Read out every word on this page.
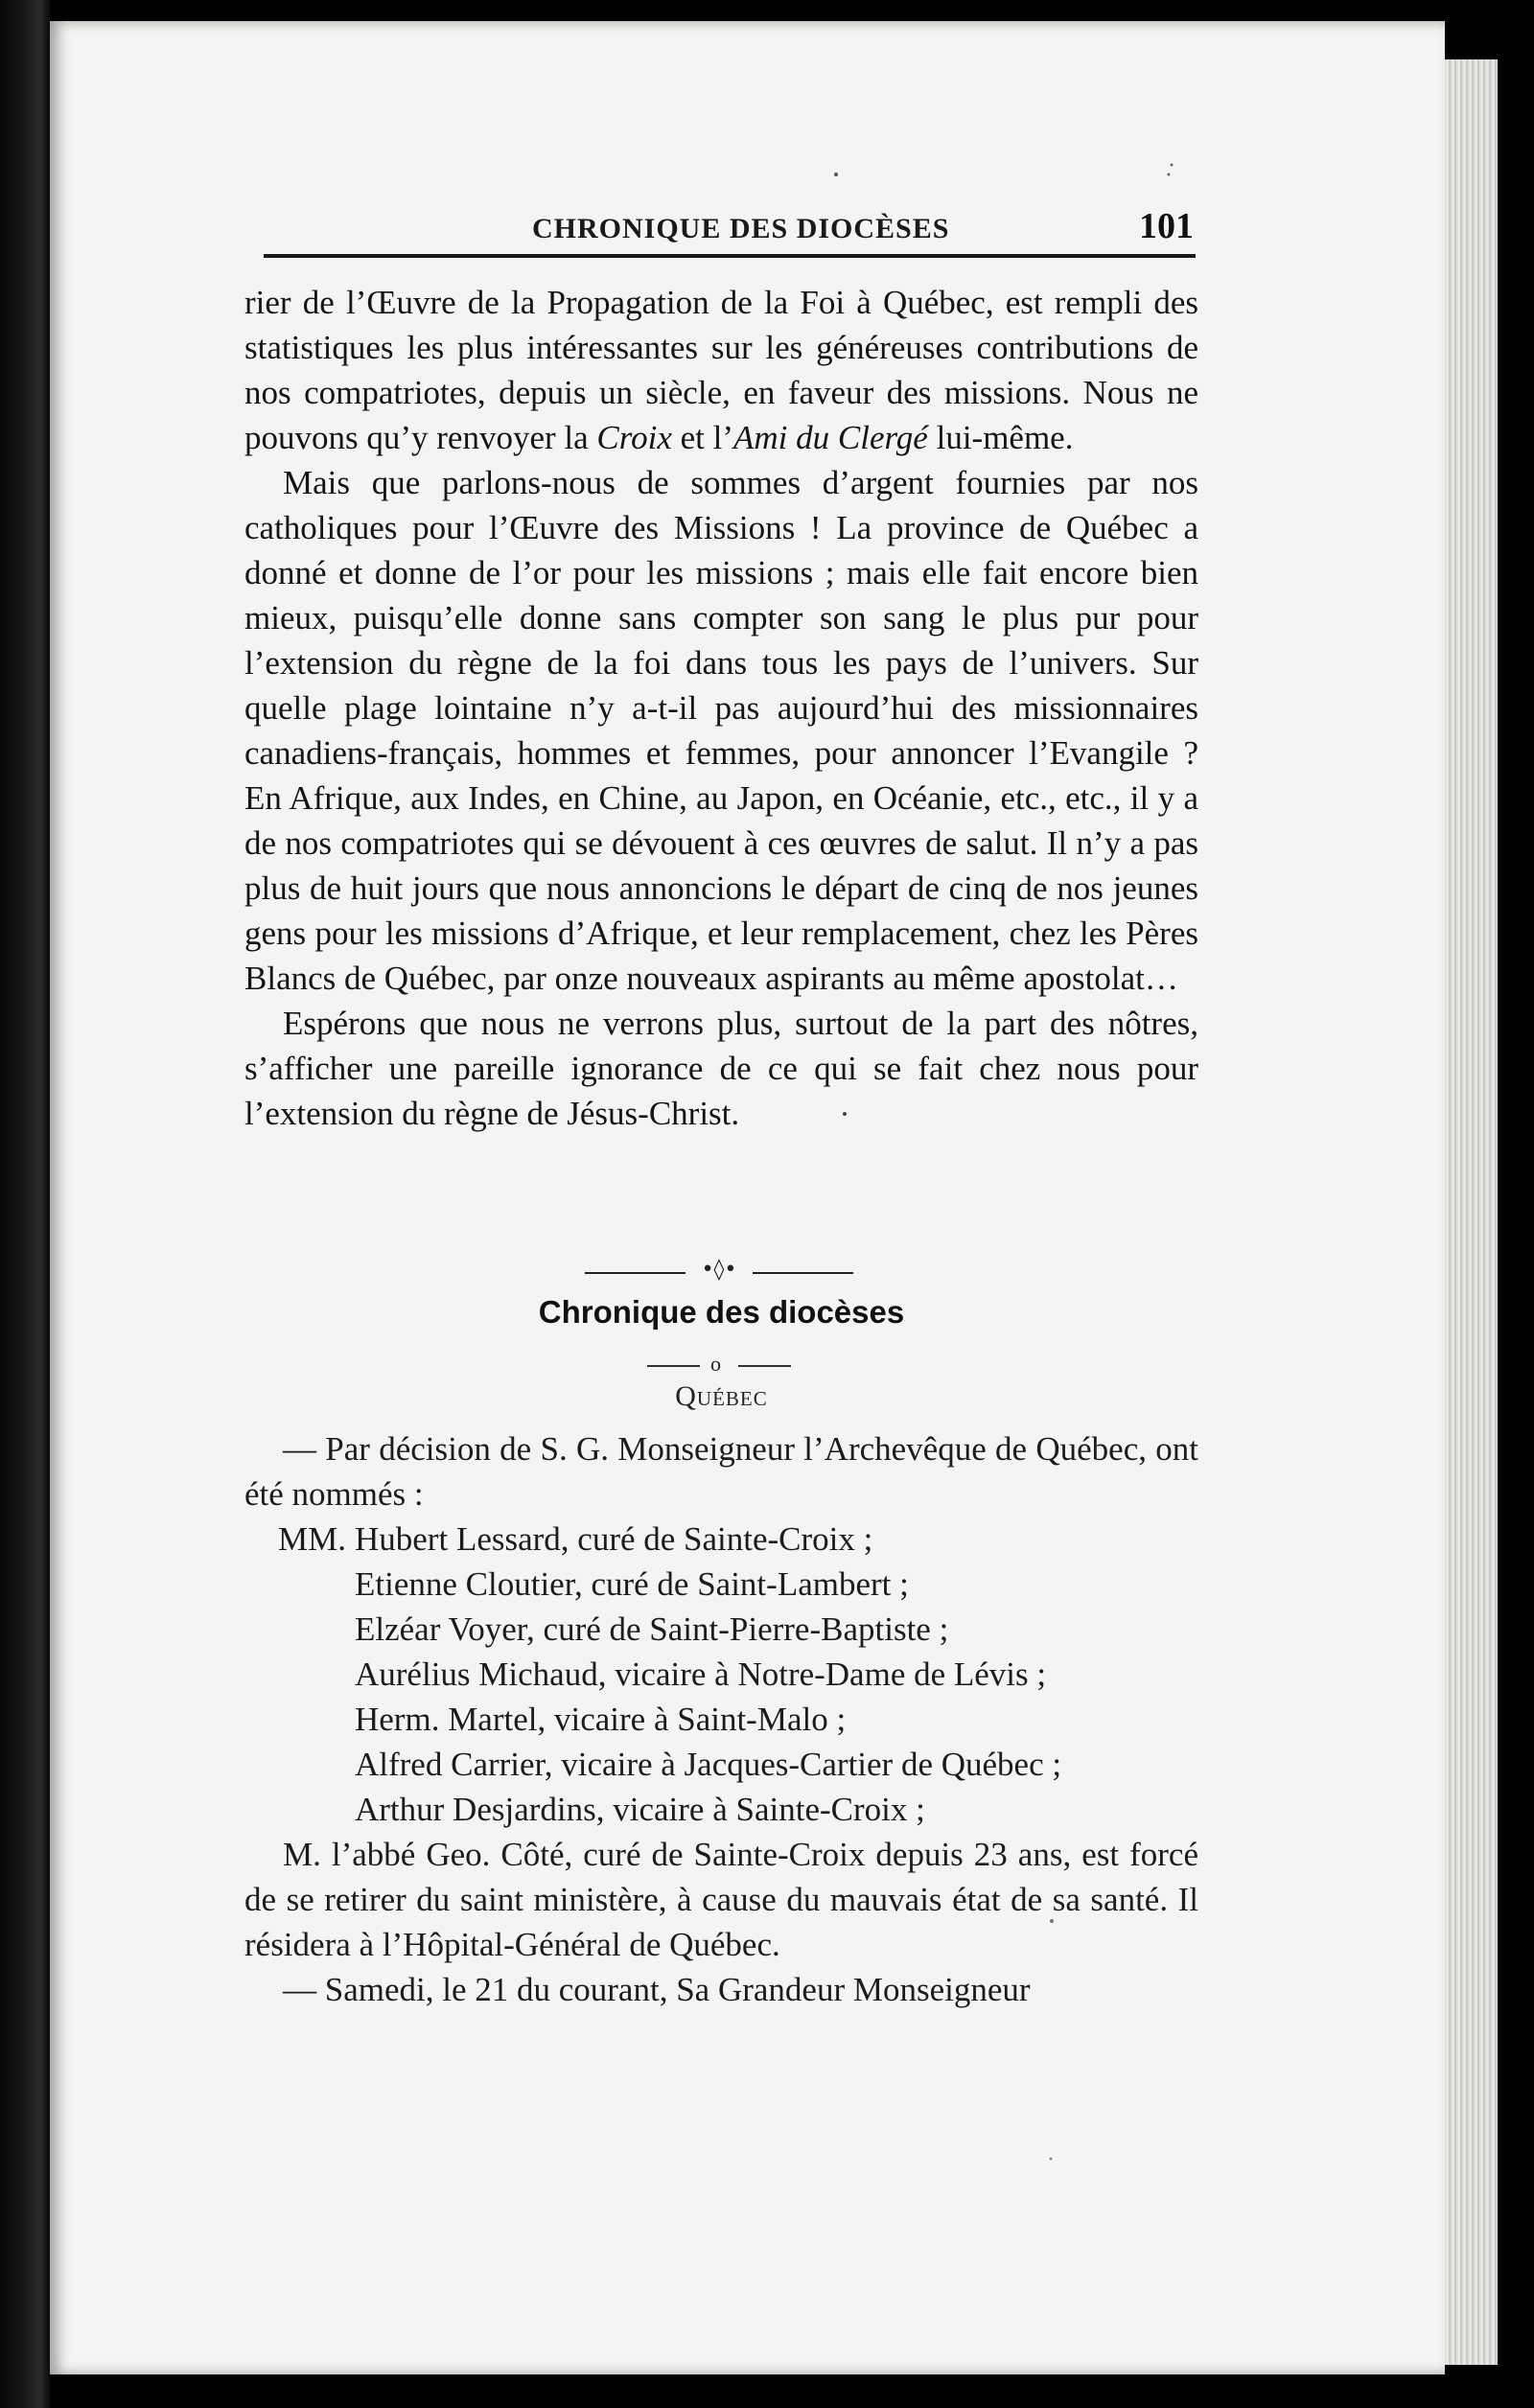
CHRONIQUE DES DIOCÈSES	101

rier de l’Œuvre de la Propagation de la Foi à Québec, est rempli des statistiques les plus intéressantes sur les généreuses contributions de nos compatriotes, depuis un siècle, en faveur des missions. Nous ne pouvons qu’y renvoyer la Croix et l’Ami du Clergé lui-même.

Mais que parlons-nous de sommes d’argent fournies par nos catholiques pour l’Œuvre des Missions ! La province de Québec a donné et donne de l’or pour les missions ; mais elle fait encore bien mieux, puisqu’elle donne sans compter son sang le plus pur pour l’extension du règne de la foi dans tous les pays de l’univers. Sur quelle plage lointaine n’y a-t-il pas aujourd’hui des missionnaires canadiens-français, hommes et femmes, pour annoncer l’Evangile ? En Afrique, aux Indes, en Chine, au Japon, en Océanie, etc., etc., il y a de nos compatriotes qui se dévouent à ces œuvres de salut. Il n’y a pas plus de huit jours que nous annoncions le départ de cinq de nos jeunes gens pour les missions d’Afrique, et leur remplacement, chez les Pères Blancs de Québec, par onze nouveaux aspirants au même apostolat…

Espérons que nous ne verrons plus, surtout de la part des nôtres, s’afficher une pareille ignorance de ce qui se fait chez nous pour l’extension du règne de Jésus-Christ.

•◊•
Chronique des diocèses
o
Québec

— Par décision de S. G. Monseigneur l’Archevêque de Québec, ont été nommés :

MM. Hubert Lessard, curé de Sainte-Croix ;
Etienne Cloutier, curé de Saint-Lambert ;
Elzéar Voyer, curé de Saint-Pierre-Baptiste ;
Aurélius Michaud, vicaire à Notre-Dame de Lévis ;
Herm. Martel, vicaire à Saint-Malo ;
Alfred Carrier, vicaire à Jacques-Cartier de Québec ;
Arthur Desjardins, vicaire à Sainte-Croix ;

M. l’abbé Geo. Côté, curé de Sainte-Croix depuis 23 ans, est forcé de se retirer du saint ministère, à cause du mauvais état de sa santé. Il résidera à l’Hôpital-Général de Québec.

— Samedi, le 21 du courant, Sa Grandeur Monseigneur
